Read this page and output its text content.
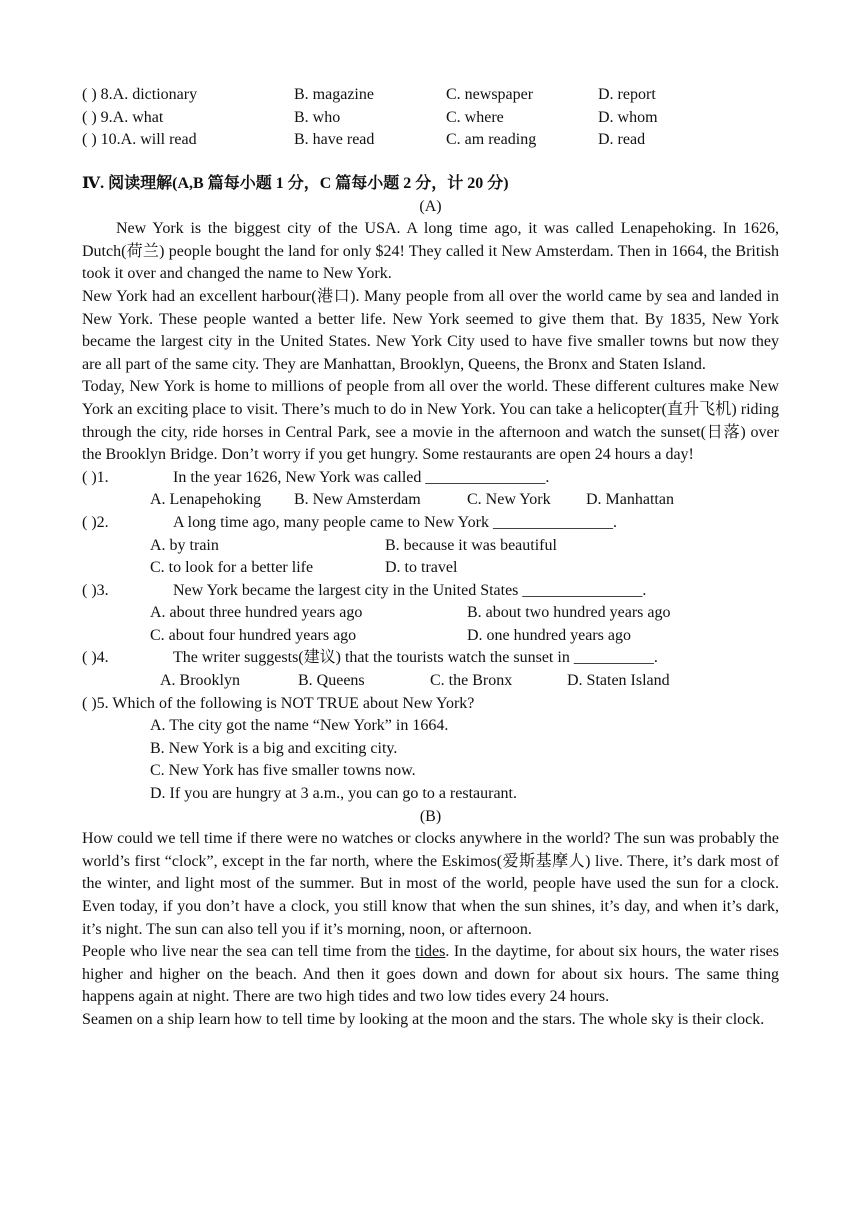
( ) 8.A. dictionary	B. magazine	C. newspaper	D. report
( ) 9.A. what	B. who	C. where	D. whom
( ) 10.A. will read	B. have read	C. am reading	D. read
Ⅳ. 阅读理解(A,B 篇每小题 1 分，C 篇每小题 2 分，计 20 分)
(A)

New York is the biggest city of the USA. A long time ago, it was called Lenapehoking. In 1626, Dutch(荷兰) people bought the land for only $24! They called it New Amsterdam. Then in 1664, the British took it over and changed the name to New York.

New York had an excellent harbour(港口). Many people from all over the world came by sea and landed in New York. These people wanted a better life. New York seemed to give them that. By 1835, New York became the largest city in the United States. New York City used to have five smaller towns but now they are all part of the same city. They are Manhattan, Brooklyn, Queens, the Bronx and Staten Island.

Today, New York is home to millions of people from all over the world. These different cultures make New York an exciting place to visit. There’s much to do in New York. You can take a helicopter(直升飞机) riding through the city, ride horses in Central Park, see a movie in the afternoon and watch the sunset(日落) over the Brooklyn Bridge. Don’t worry if you get hungry. Some restaurants are open 24 hours a day!

( )1.	In the year 1626, New York was called _______________.
A. Lenapehoking B. New Amsterdam	C. New York D. Manhattan
( )2.	A long time ago, many people came to New York _______________.
A. by train	B. because it was beautiful
C. to look for a better life	D. to travel
( )3.	New York became the largest city in the United States _______________.
A. about three hundred years ago	B. about two hundred years ago
C. about four hundred years ago	D. one hundred years ago
( )4.	The writer suggests(建议) that the tourists watch the sunset in __________.
A. Brooklyn	B. Queens	C. the Bronx	D. Staten Island
( )5. Which of the following is NOT TRUE about New York?
A. The city got the name “New York” in 1664.
B. New York is a big and exciting city.
C. New York has five smaller towns now.
D. If you are hungry at 3 a.m., you can go to a restaurant.
(B)

How could we tell time if there were no watches or clocks anywhere in the world? The sun was probably the world’s first “clock”, except in the far north, where the Eskimos(爱斯基摩人) live. There, it’s dark most of the winter, and light most of the summer. But in most of the world, people have used the sun for a clock. Even today, if you don’t have a clock, you still know that when the sun shines, it’s day, and when it’s dark, it’s night. The sun can also tell you if it’s morning, noon, or afternoon.

People who live near the sea can tell time from the tides. In the daytime, for about six hours, the water rises higher and higher on the beach. And then it goes down and down for about six hours. The same thing happens again at night. There are two high tides and two low tides every 24 hours.

Seamen on a ship learn how to tell time by looking at the moon and the stars. The whole sky is their clock.
